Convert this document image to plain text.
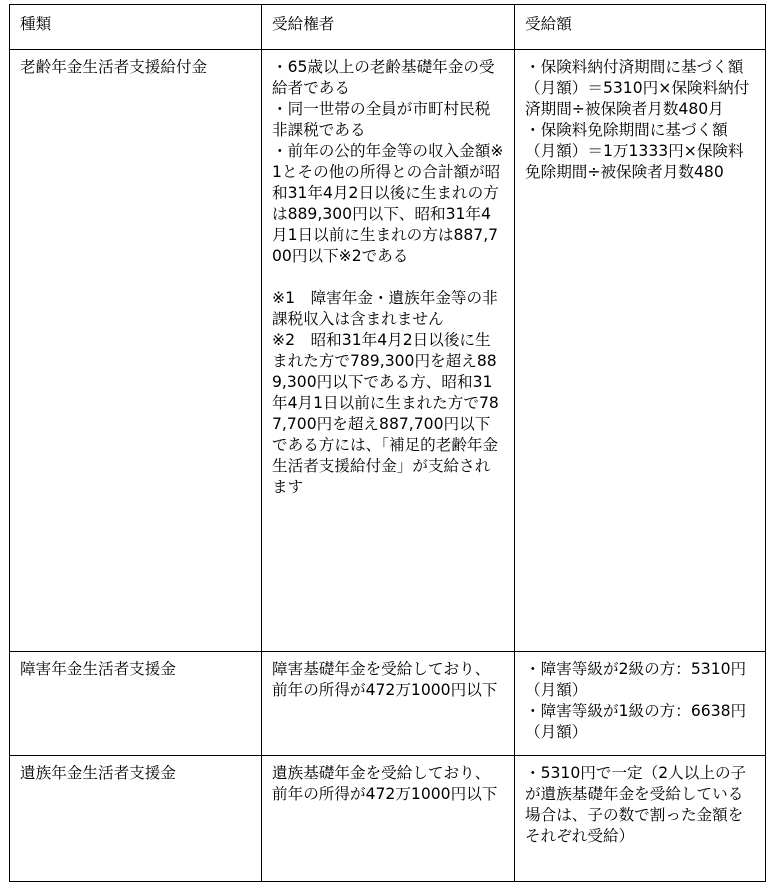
種類	受給権者	受給額
老齢年金生活者支援給付金	・65歳以上の老齢基礎年金の受給者である
・同一世帯の全員が市町村民税非課税である
・前年の公的年金等の収入金額※1とその他の所得との合計額が昭和31年4月2日以後に生まれの方は889,300円以下、昭和31年4月1日以前に生まれの方は887,700円以下※2である

※1　障害年金・遺族年金等の非課税収入は含まれません
※2　昭和31年4月2日以後に生まれた方で789,300円を超え889,300円以下である方、昭和31年4月1日以前に生まれた方で787,700円を超え887,700円以下である方には、「補足的老齢年金生活者支援給付金」が支給されます	・保険料納付済期間に基づく額（月額）＝5310円×保険料納付済期間÷被保険者月数480月
・保険料免除期間に基づく額（月額）＝1万1333円×保険料免除期間÷被保険者月数480
障害年金生活者支援金	障害基礎年金を受給しており、前年の所得が472万1000円以下	・障害等級が2級の方：5310円（月額）
・障害等級が1級の方：6638円（月額）
遺族年金生活者支援金	遺族基礎年金を受給しており、前年の所得が472万1000円以下	・5310円で一定（2人以上の子が遺族基礎年金を受給している場合は、子の数で割った金額をそれぞれ受給）
